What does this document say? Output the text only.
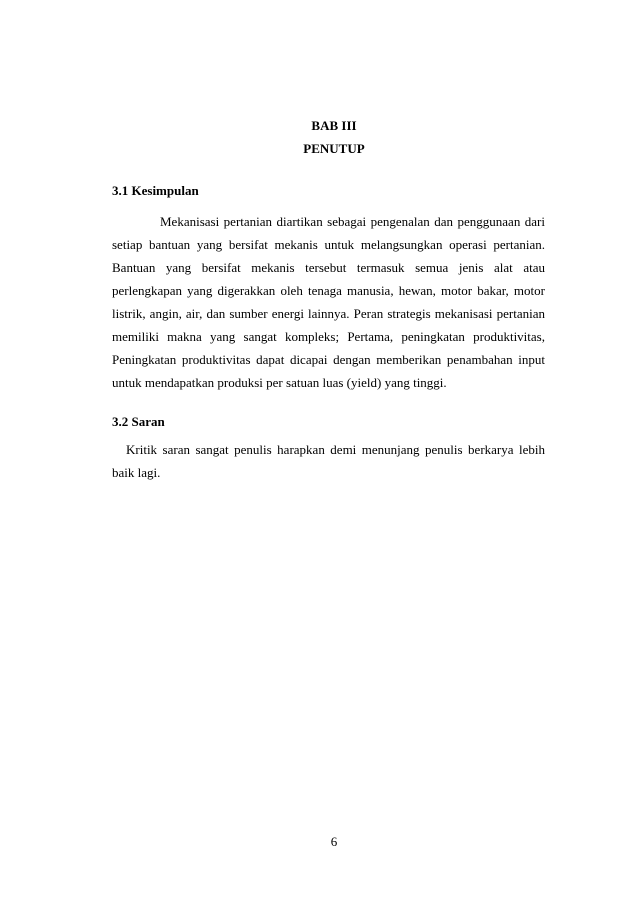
BAB III
PENUTUP
3.1 Kesimpulan
Mekanisasi pertanian diartikan sebagai pengenalan dan penggunaan dari
setiap bantuan yang bersifat mekanis untuk melangsungkan operasi pertanian.
Bantuan yang bersifat mekanis tersebut termasuk semua jenis alat atau
perlengkapan yang digerakkan oleh tenaga manusia, hewan, motor bakar, motor
listrik, angin, air, dan sumber energi lainnya. Peran strategis mekanisasi pertanian
memiliki makna yang sangat kompleks; Pertama, peningkatan produktivitas,
Peningkatan produktivitas dapat dicapai dengan memberikan penambahan input
untuk mendapatkan produksi per satuan luas (yield) yang tinggi.
3.2 Saran
Kritik saran sangat penulis harapkan demi menunjang penulis berkarya lebih
baik lagi.
6
